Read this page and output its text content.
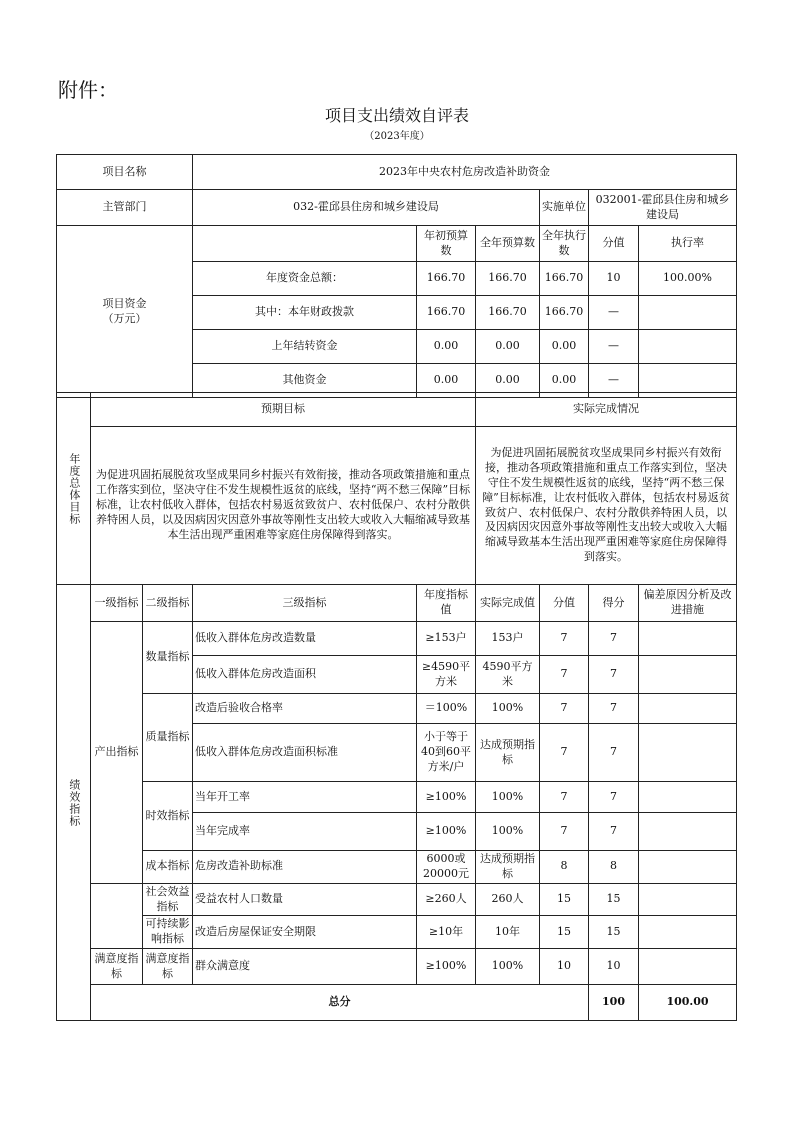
附件：
项目支出绩效自评表
（2023年度）
项目名称	2023年中央农村危房改造补助资金					
主管部门	032-霍邱县住房和城乡建设局			实施单位	032001-霍邱县住房和城乡建设局	
项目资金
（万元）		年初预算数	全年预算数	全年执行数	分值	执行率
	年度资金总额：	166.70	166.70	166.70	10	100.00%
	其中：本年财政拨款	166.70	166.70	166.70	—	
	上年结转资金	0.00	0.00	0.00	—	
	其他资金	0.00	0.00	0.00	—	
年度总体目标	预期目标				实际完成情况				
	为促进巩固拓展脱贫攻坚成果同乡村振兴有效衔接，推动各项政策措施和重点工作落实到位，坚决守住不发生规模性返贫的底线，坚持“两不愁三保障”目标标准，让农村低收入群体，包括农村易返贫致贫户、农村低保户、农村分散供养特困人员，以及因病因灾因意外事故等刚性支出较大或收入大幅缩减导致基本生活出现严重困难等家庭住房保障得到落实。				为促进巩固拓展脱贫攻坚成果同乡村振兴有效衔接，推动各项政策措施和重点工作落实到位，坚决守住不发生规模性返贫的底线，坚持“两不愁三保障”目标标准，让农村低收入群体，包括农村易返贫致贫户、农村低保户、农村分散供养特困人员，以及因病因灾因意外事故等刚性支出较大或收入大幅缩减导致基本生活出现严重困难等家庭住房保障得到落实。				

绩效指标	一级指标	二级指标	三级指标	年度指标值	实际完成值	分值	得分	偏差原因分析及改进措施	
	产出指标	数量指标	低收入群体危房改造数量	≥153户	153户	7	7		
			低收入群体危房改造面积	≥4590平方米	4590平方米	7	7		
		质量指标	改造后验收合格率	＝100%	100%	7	7		
			低收入群体危房改造面积标准	小于等于40到60平方米/户	达成预期指标	7	7		
		时效指标	当年开工率	≥100%	100%	7	7		
			当年完成率	≥100%	100%	7	7		
		成本指标	危房改造补助标准	6000或20000元	达成预期指标	8	8		
		社会效益指标	受益农村人口数量	≥260人	260人	15	15		
		可持续影响指标	改造后房屋保证安全期限	≥10年	10年	15	15		
	满意度指标	满意度指标	群众满意度	≥100%	100%	10	10		
	总分						100	100.00	
